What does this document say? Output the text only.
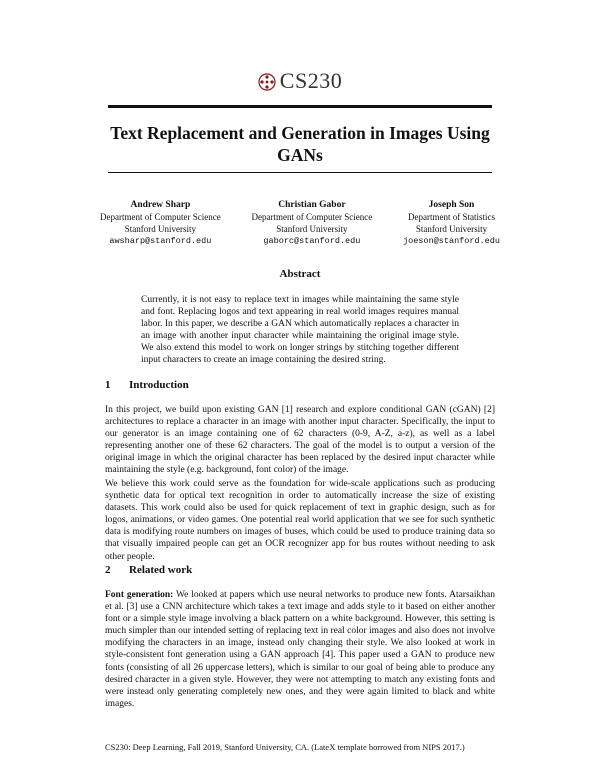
CS230
Text Replacement and Generation in Images Using GANs
Andrew Sharp
Department of Computer Science
Stanford University
awsharp@stanford.edu
Christian Gabor
Department of Computer Science
Stanford University
gaborc@stanford.edu
Joseph Son
Department of Statistics
Stanford University
joeson@stanford.edu
Abstract
Currently, it is not easy to replace text in images while maintaining the same style and font. Replacing logos and text appearing in real world images requires manual labor. In this paper, we describe a GAN which automatically replaces a character in an image with another input character while maintaining the original image style. We also extend this model to work on longer strings by stitching together different input characters to create an image containing the desired string.
1 Introduction
In this project, we build upon existing GAN [1] research and explore conditional GAN (cGAN) [2] architectures to replace a character in an image with another input character. Specifically, the input to our generator is an image containing one of 62 characters (0-9, A-Z, a-z), as well as a label representing another one of these 62 characters. The goal of the model is to output a version of the original image in which the original character has been replaced by the desired input character while maintaining the style (e.g. background, font color) of the image.
We believe this work could serve as the foundation for wide-scale applications such as producing synthetic data for optical text recognition in order to automatically increase the size of existing datasets. This work could also be used for quick replacement of text in graphic design, such as for logos, animations, or video games. One potential real world application that we see for such synthetic data is modifying route numbers on images of buses, which could be used to produce training data so that visually impaired people can get an OCR recognizer app for bus routes without needing to ask other people.
2 Related work
Font generation: We looked at papers which use neural networks to produce new fonts. Atarsaikhan et al. [3] use a CNN architecture which takes a text image and adds style to it based on either another font or a simple style image involving a black pattern on a white background. However, this setting is much simpler than our intended setting of replacing text in real color images and also does not involve modifying the characters in an image, instead only changing their style. We also looked at work in style-consistent font generation using a GAN approach [4]. This paper used a GAN to produce new fonts (consisting of all 26 uppercase letters), which is similar to our goal of being able to produce any desired character in a given style. However, they were not attempting to match any existing fonts and were instead only generating completely new ones, and they were again limited to black and white images.
CS230: Deep Learning, Fall 2019, Stanford University, CA. (LateX template borrowed from NIPS 2017.)
